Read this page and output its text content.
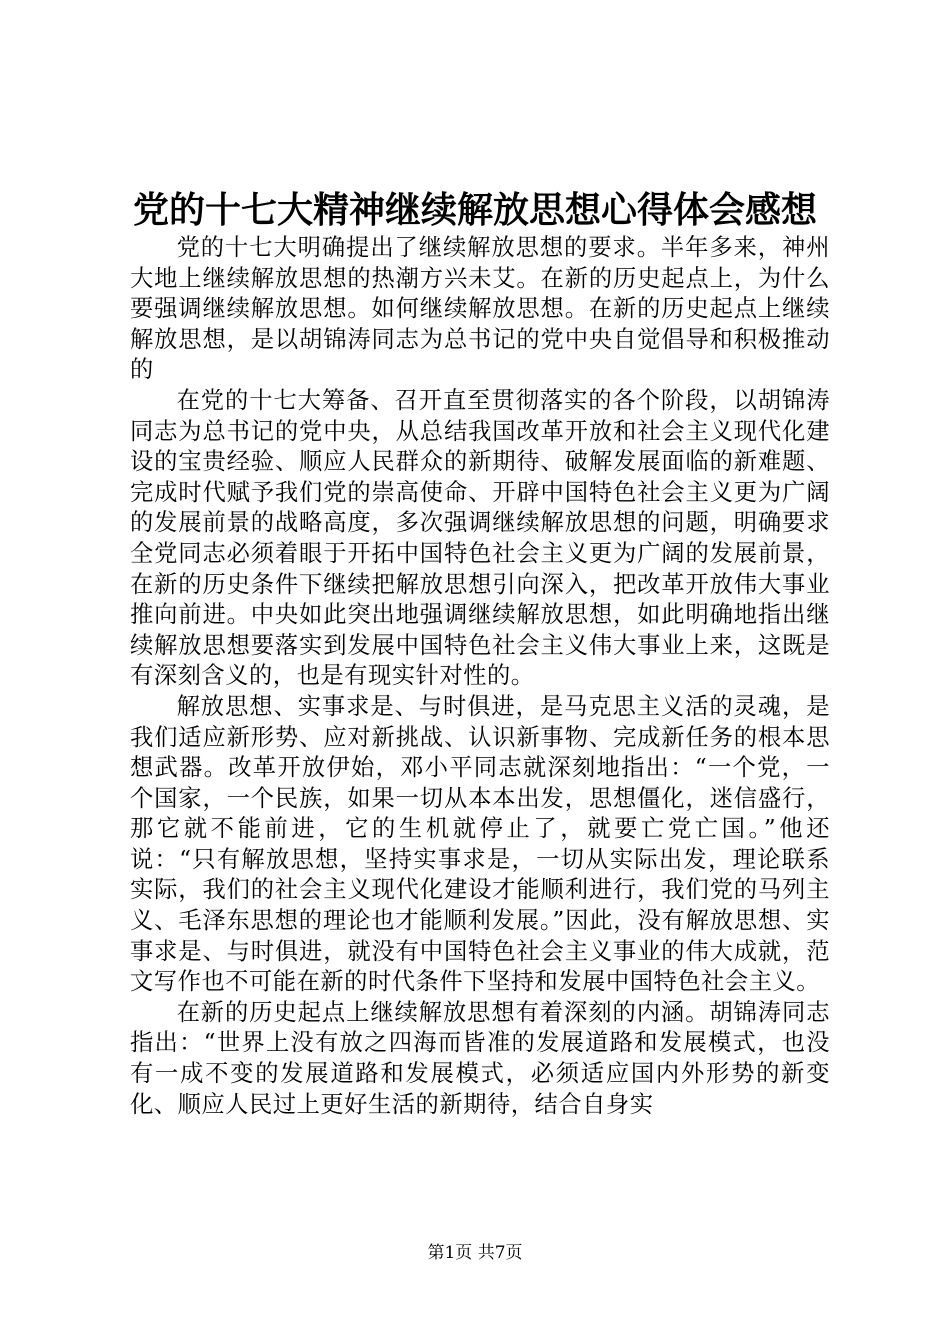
党的十七大精神继续解放思想心得体会感想

党的十七大明确提出了继续解放思想的要求。半年多来，神州大地上继续解放思想的热潮方兴未艾。在新的历史起点上，为什么要强调继续解放思想。如何继续解放思想。在新的历史起点上继续解放思想，是以胡锦涛同志为总书记的党中央自觉倡导和积极推动的

在党的十七大筹备、召开直至贯彻落实的各个阶段，以胡锦涛同志为总书记的党中央，从总结我国改革开放和社会主义现代化建设的宝贵经验、顺应人民群众的新期待、破解发展面临的新难题、完成时代赋予我们党的崇高使命、开辟中国特色社会主义更为广阔的发展前景的战略高度，多次强调继续解放思想的问题，明确要求全党同志必须着眼于开拓中国特色社会主义更为广阔的发展前景，在新的历史条件下继续把解放思想引向深入，把改革开放伟大事业推向前进。中央如此突出地强调继续解放思想，如此明确地指出继续解放思想要落实到发展中国特色社会主义伟大事业上来，这既是有深刻含义的，也是有现实针对性的。

解放思想、实事求是、与时俱进，是马克思主义活的灵魂，是我们适应新形势、应对新挑战、认识新事物、完成新任务的根本思想武器。改革开放伊始，邓小平同志就深刻地指出：“一个党，一个国家，一个民族，如果一切从本本出发，思想僵化，迷信盛行，那它就不能前进，它的生机就停止了，就要亡党亡国。”他还说：“只有解放思想，坚持实事求是，一切从实际出发，理论联系实际，我们的社会主义现代化建设才能顺利进行，我们党的马列主义、毛泽东思想的理论也才能顺利发展。”因此，没有解放思想、实事求是、与时俱进，就没有中国特色社会主义事业的伟大成就，范文写作也不可能在新的时代条件下坚持和发展中国特色社会主义。

在新的历史起点上继续解放思想有着深刻的内涵。胡锦涛同志指出：“世界上没有放之四海而皆准的发展道路和发展模式，也没有一成不变的发展道路和发展模式，必须适应国内外形势的新变化、顺应人民过上更好生活的新期待，结合自身实

第1页 共7页
